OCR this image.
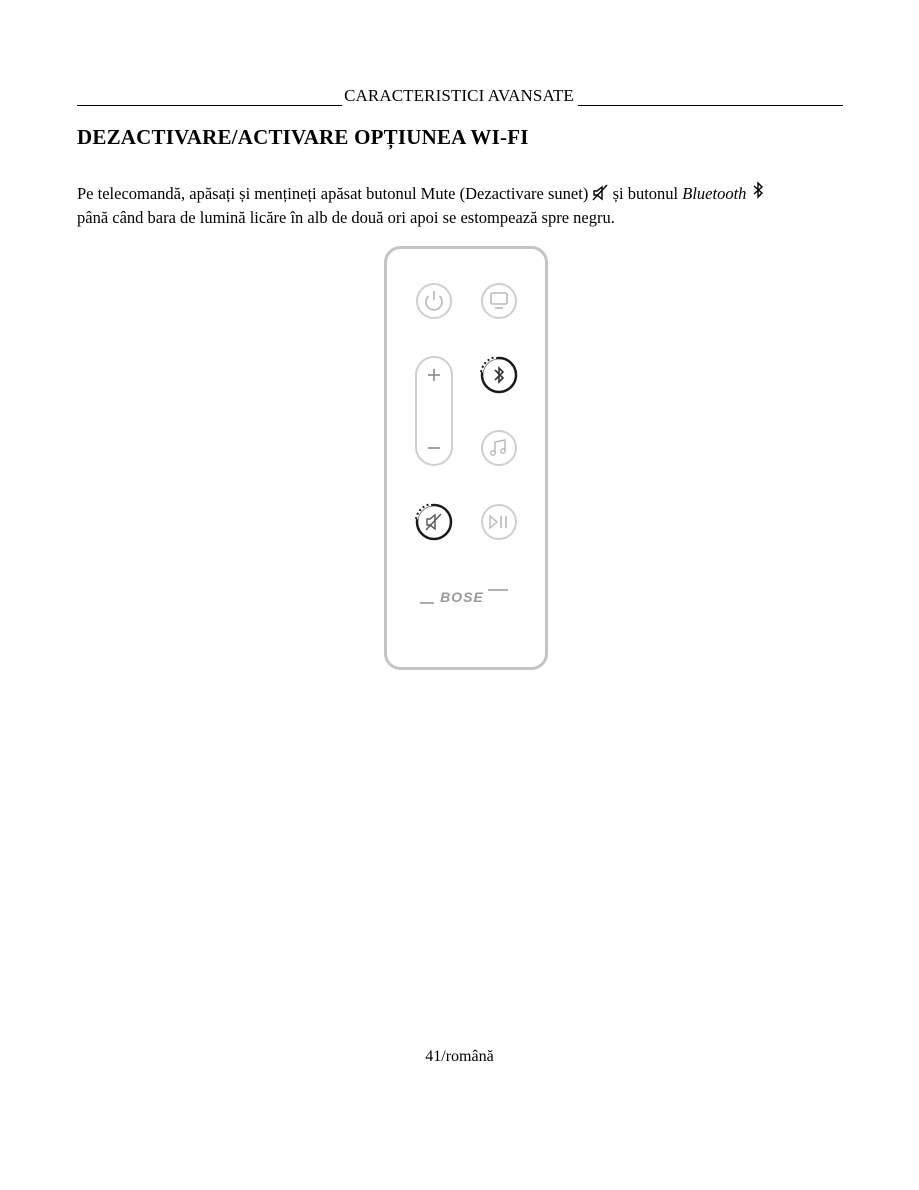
CARACTERISTICI AVANSATE
DEZACTIVARE/ACTIVARE OPȚIUNEA WI-FI

Pe telecomandă, apăsați și mențineți apăsat butonul Mute (Dezactivare sunet)  și butonul Bluetooth
până când bara de lumină licăre în alb de două ori apoi se estompează spre negru.

BOSE
41/română
